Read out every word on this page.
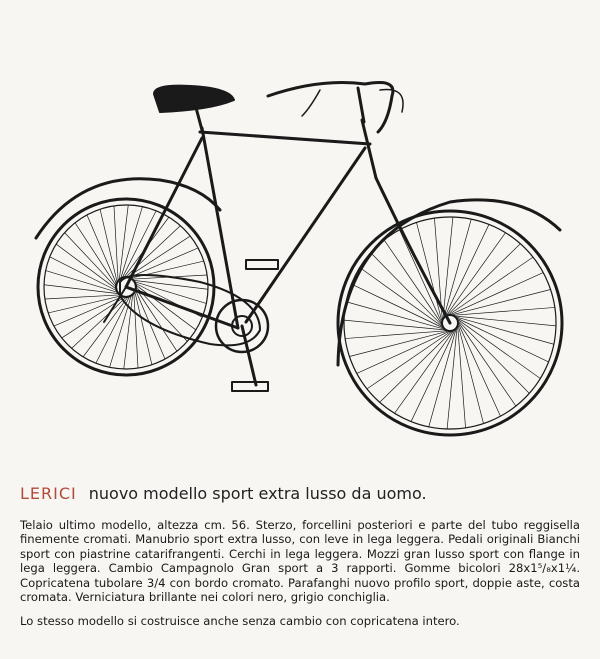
LERICI nuovo modello sport extra lusso da uomo.

Telaio ultimo modello, altezza cm. 56. Sterzo, forcellini posteriori e parte del tubo reggisella finemente cromati. Manubrio sport extra lusso, con leve in lega leggera. Pedali originali Bianchi sport con piastrine catarifrangenti. Cerchi in lega leggera. Mozzi gran lusso sport con flange in lega leggera. Cambio Campagnolo Gran sport a 3 rapporti. Gomme bicolori 28x1⁵/₈x1¼. Copricatena tubolare 3/4 con bordo cromato. Parafanghi nuovo profilo sport, doppie aste, costa cromata. Verniciatura brillante nei colori nero, grigio conchiglia.

Lo stesso modello si costruisce anche senza cambio con copricatena intero.
